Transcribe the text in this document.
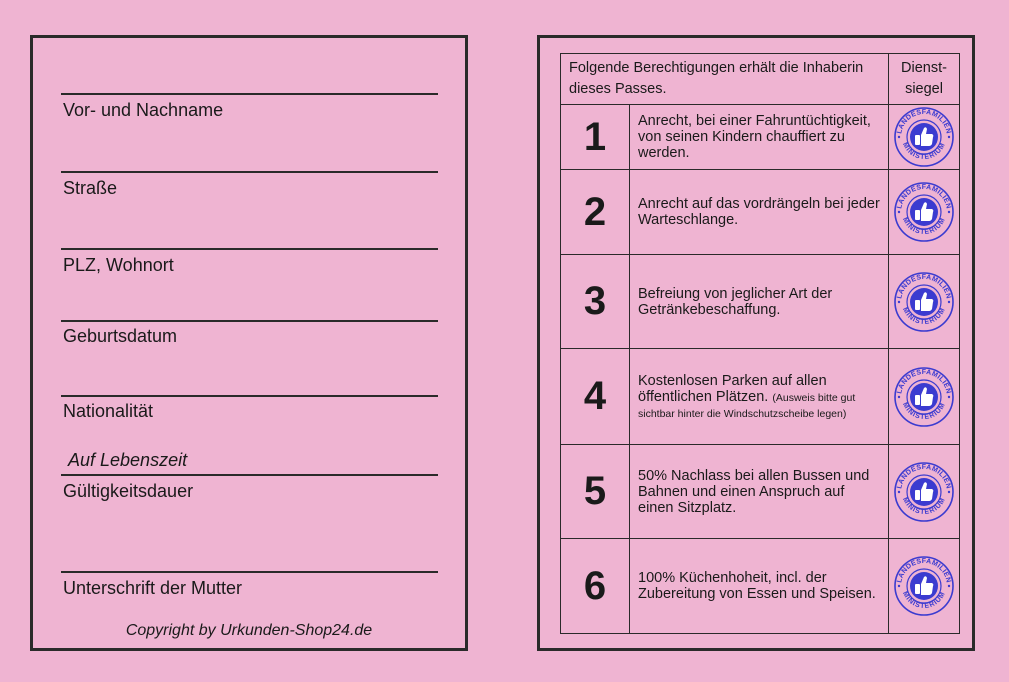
Vor- und Nachname
Straße
PLZ, Wohnort
Geburtsdatum
Nationalität
Auf Lebenszeit
Gültigkeitsdauer
Unterschrift der Mutter
Copyright by Urkunden-Shop24.de
Folgende Berechtigungen erhält die Inhaberin dieses Passes.		Dienst-siegel
1	Anrecht, bei einer Fahruntüchtigkeit, von seinen Kindern chauffiert zu werden.	LANDESFAMILIEN
MINISTERIUM

2	Anrecht auf das vordrängeln bei jeder Warteschlange.	LANDESFAMILIEN
MINISTERIUM

3	Befreiung von jeglicher Art der Getränkebeschaffung.	LANDESFAMILIEN
MINISTERIUM

4	Kostenlosen Parken auf allen öffentlichen Plätzen. (Ausweis bitte gut sichtbar hinter die Windschutzscheibe legen)	LANDESFAMILIEN
MINISTERIUM

5	50% Nachlass bei allen Bussen und Bahnen und einen Anspruch auf einen Sitzplatz.	LANDESFAMILIEN
MINISTERIUM

6	100% Küchenhoheit, incl. der Zubereitung von Essen und Speisen.	LANDESFAMILIEN
MINISTERIUM
